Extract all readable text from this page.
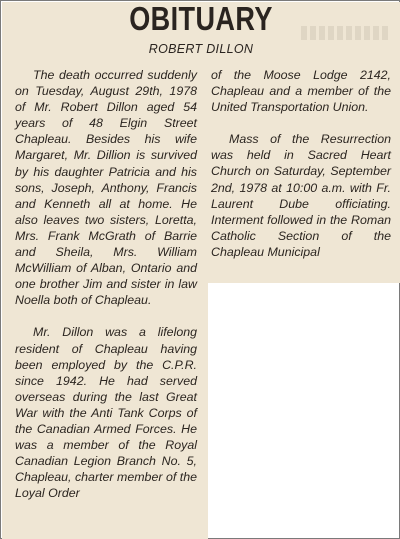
OBITUARY
ROBERT DILLON

The death occurred suddenly on Tuesday, August 29th, 1978 of Mr. Robert Dillon aged 54 years of 48 Elgin Street Chapleau. Besides his wife Margaret, Mr. Dillion is survived by his daughter Patricia and his sons, Joseph, Anthony, Francis and Kenneth all at home. He also leaves two sisters, Loretta, Mrs. Frank McGrath of Barrie and Sheila, Mrs. William McWilliam of Alban, Ontario and one brother Jim and sister in law Noella both of Chapleau.

Mr. Dillon was a lifelong resident of Chapleau having been employed by the C.P.R. since 1942. He had served overseas during the last Great War with the Anti Tank Corps of the Canadian Armed Forces. He was a member of the Royal Canadian Legion Branch No. 5, Chapleau, charter member of the Loyal Order

of the Moose Lodge 2142, Chapleau and a member of the United Transportation Union.

Mass of the Resurrection was held in Sacred Heart Church on Saturday, September 2nd, 1978 at 10:00 a.m. with Fr. Laurent Dube officiating. Interment followed in the Roman Catholic Section of the Chapleau Municipal
